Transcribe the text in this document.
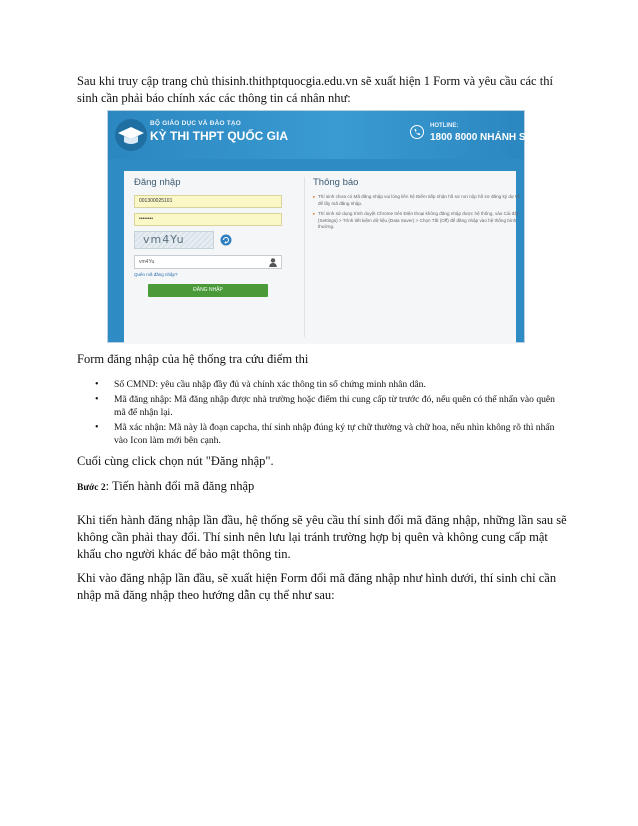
Sau khi truy cập trang chủ thisinh.thithptquocgia.edu.vn sẽ xuất hiện 1 Form và yêu cầu các thí sinh cần phải báo chính xác các thông tin cá nhân như:

BỘ GIÁO DỤC VÀ ĐÀO TẠO
KỲ THI THPT QUỐC GIA
HOTLINE:
1800 8000 NHÁNH SỐ 2
Đăng nhập
001300025101
••••••••
vm4Yu
vm4Yu
Quên mã đăng nhập?
ĐĂNG NHẬP
Thông báo
▸ Thí sinh chưa có Mã đăng nhập vui lòng liên hệ Điểm tiếp nhận hồ sơ nơi nộp hồ sơ đăng ký dự thi để lấy mã đăng nhập.
▸ Thí sinh sử dụng trình duyệt Chrome trên Điện thoại không đăng nhập được hệ thống, vào Cài đặt (Settings) > Trình tiết kiệm dữ liệu (Data Saver) > Chọn Tắt (Off) để đăng nhập vào hệ thống bình thường.

Form đăng nhập của hệ thống tra cứu điểm thi

• Số CMND: yêu cầu nhập đầy đủ và chính xác thông tin số chứng minh nhân dân.
• Mã đăng nhập: Mã đăng nhập được nhà trường hoặc điểm thi cung cấp từ trước đó, nếu quên có thể nhấn vào quên mã để nhận lại.
• Mã xác nhận: Mã này là đoạn capcha, thí sinh nhập đúng ký tự chữ thường và chữ hoa, nếu nhìn không rõ thì nhấn vào Icon làm mới bên cạnh.

Cuối cùng click chọn nút "Đăng nhập".

Bước 2: Tiến hành đổi mã đăng nhập

Khi tiến hành đăng nhập lần đầu, hệ thống sẽ yêu cầu thí sinh đổi mã đăng nhập, những lần sau sẽ không cần phải thay đổi. Thí sinh nên lưu lại tránh trường hợp bị quên và không cung cấp mật khẩu cho người khác để bảo mật thông tin.

Khi vào đăng nhập lần đầu, sẽ xuất hiện Form đổi mã đăng nhập như hình dưới, thí sinh chỉ cần nhập mã đăng nhập theo hướng dẫn cụ thể như sau:
